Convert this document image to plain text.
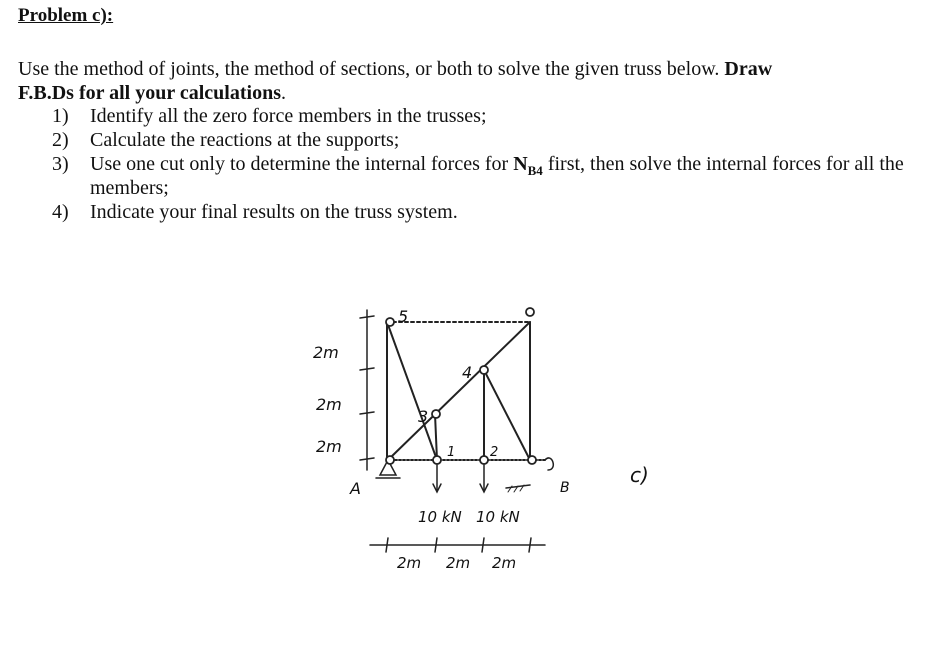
Problem c):
Use the method of joints, the method of sections, or both to solve the given truss below. Draw
F.B.Ds for all your calculations.
1)	Identify all the zero force members in the trusses;
2)	Calculate the reactions at the supports;
3)	Use one cut only to determine the internal forces for $N_{B4}$ first, then solve the internal forces for all the members;
4)	Indicate your final results on the truss system.
2m
2m
2m
5
4
3
1	2
A	B
10 kN 10 kN
2m 2m 2m
c)
